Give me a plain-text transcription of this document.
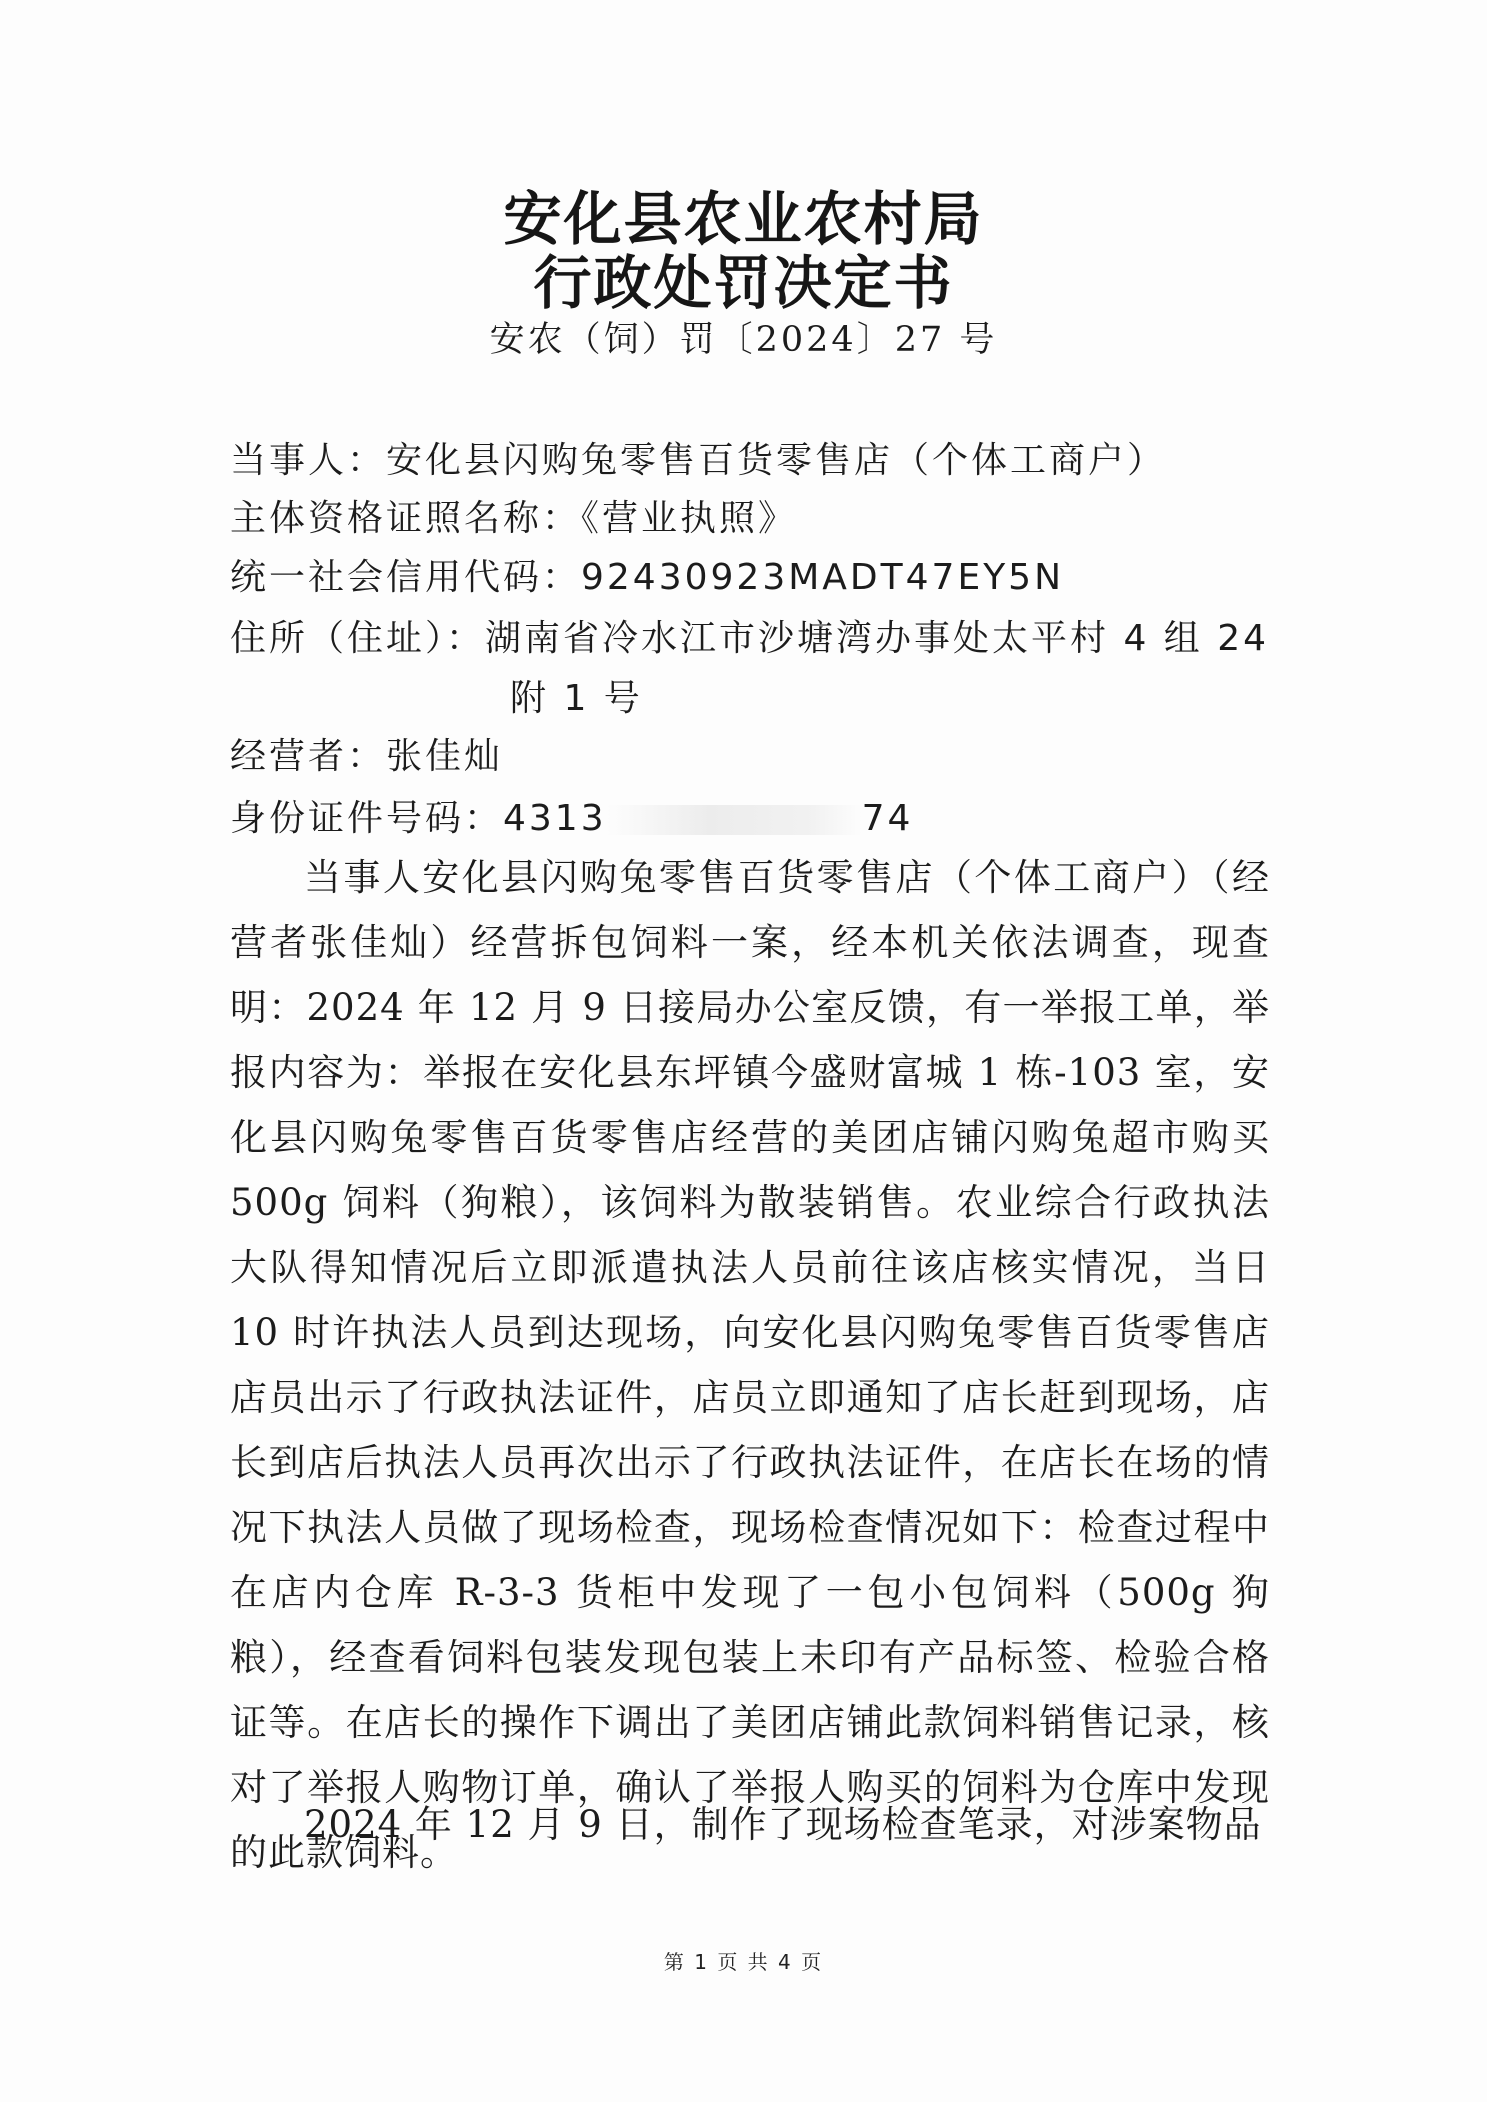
安化县农业农村局
行政处罚决定书
安农（饲）罚〔2024〕27 号
当事人：安化县闪购兔零售百货零售店（个体工商户）
主体资格证照名称：《营业执照》
统一社会信用代码：92430923MADT47EY5N
住所（住址）：湖南省冷水江市沙塘湾办事处太平村 4 组 24
附 1 号
经营者：张佳灿
身份证件号码：4313	74
当事人安化县闪购兔零售百货零售店（个体工商户）（经营者张佳灿）经营拆包饲料一案，经本机关依法调查，现查明：2024 年 12 月 9 日接局办公室反馈，有一举报工单，举报内容为：举报在安化县东坪镇今盛财富城 1 栋-103 室，安化县闪购兔零售百货零售店经营的美团店铺闪购兔超市购买 500g 饲料（狗粮），该饲料为散装销售。农业综合行政执法大队得知情况后立即派遣执法人员前往该店核实情况，当日 10 时许执法人员到达现场，向安化县闪购兔零售百货零售店店员出示了行政执法证件，店员立即通知了店长赶到现场，店长到店后执法人员再次出示了行政执法证件，在店长在场的情况下执法人员做了现场检查，现场检查情况如下：检查过程中在店内仓库 R-3-3 货柜中发现了一包小包饲料（500g 狗粮），经查看饲料包装发现包装上未印有产品标签、检验合格证等。在店长的操作下调出了美团店铺此款饲料销售记录，核对了举报人购物订单，确认了举报人购买的饲料为仓库中发现的此款饲料。
2024 年 12 月 9 日，制作了现场检查笔录，对涉案物品
第 1 页 共 4 页
